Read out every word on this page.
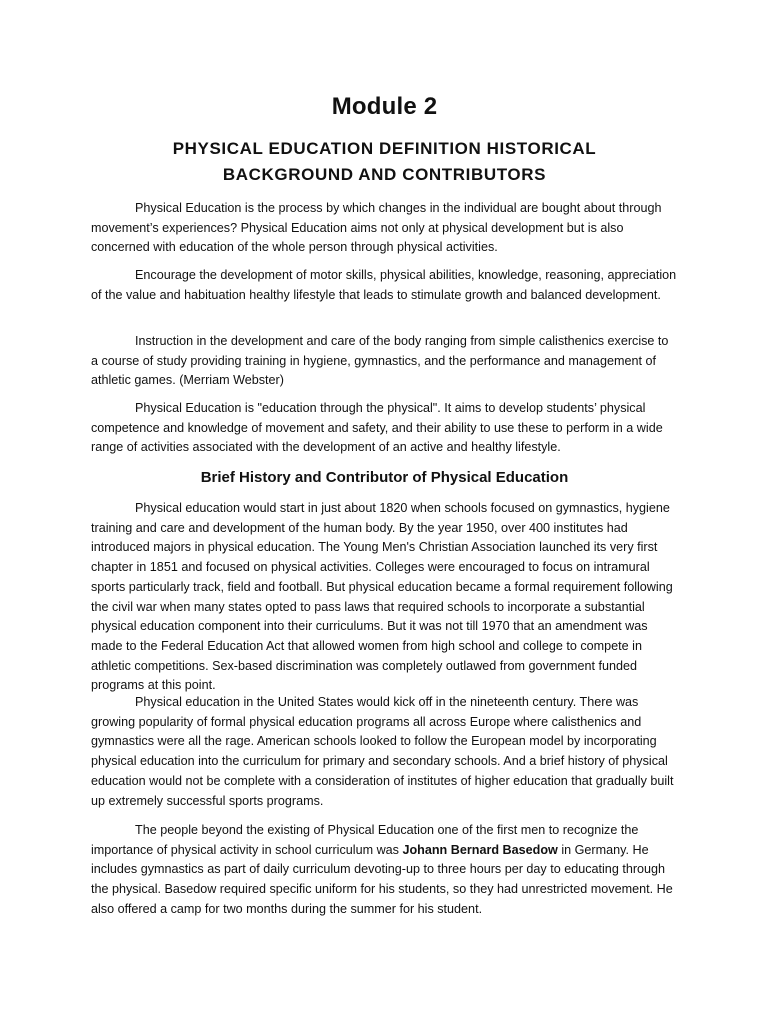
Module 2
PHYSICAL EDUCATION DEFINITION HISTORICAL
BACKGROUND AND CONTRIBUTORS

Physical Education is the process by which changes in the individual are bought about through movement’s experiences? Physical Education aims not only at physical development but is also concerned with education of the whole person through physical activities.

Encourage the development of motor skills, physical abilities, knowledge, reasoning, appreciation of the value and habituation healthy lifestyle that leads to stimulate growth and balanced development.

Instruction in the development and care of the body ranging from simple calisthenics exercise to a course of study providing training in hygiene, gymnastics, and the performance and management of athletic games. (Merriam Webster)

Physical Education is "education through the physical". It aims to develop students’ physical competence and knowledge of movement and safety, and their ability to use these to perform in a wide range of activities associated with the development of an active and healthy lifestyle.

Brief History and Contributor of Physical Education

Physical education would start in just about 1820 when schools focused on gymnastics, hygiene training and care and development of the human body. By the year 1950, over 400 institutes had introduced majors in physical education. The Young Men's Christian Association launched its very first chapter in 1851 and focused on physical activities. Colleges were encouraged to focus on intramural sports particularly track, field and football. But physical education became a formal requirement following the civil war when many states opted to pass laws that required schools to incorporate a substantial physical education component into their curriculums. But it was not till 1970 that an amendment was made to the Federal Education Act that allowed women from high school and college to compete in athletic competitions. Sex-based discrimination was completely outlawed from government funded programs at this point.

Physical education in the United States would kick off in the nineteenth century. There was growing popularity of formal physical education programs all across Europe where calisthenics and gymnastics were all the rage. American schools looked to follow the European model by incorporating physical education into the curriculum for primary and secondary schools. And a brief history of physical education would not be complete with a consideration of institutes of higher education that gradually built up extremely successful sports programs.

The people beyond the existing of Physical Education one of the first men to recognize the importance of physical activity in school curriculum was Johann Bernard Basedow in Germany. He includes gymnastics as part of daily curriculum devoting-up to three hours per day to educating through the physical. Basedow required specific uniform for his students, so they had unrestricted movement. He also offered a camp for two months during the summer for his student.
